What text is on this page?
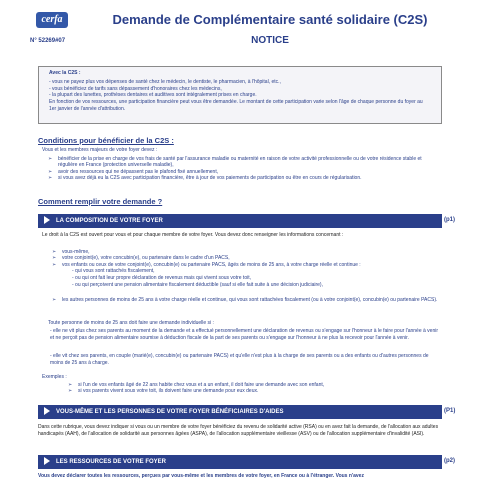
cerfa
N° 52269#07
Demande de Complémentaire santé solidaire (C2S)
NOTICE
Avec la C2S :
- vous ne payez plus vos dépenses de santé chez le médecin, le dentiste, le pharmacien, à l'hôpital, etc.,
- vous bénéficiez de tarifs sans dépassement d'honoraires chez les médecins,
- la plupart des lunettes, prothèses dentaires et auditives sont intégralement prises en charge.
En fonction de vos ressources, une participation financière peut vous être demandée. Le montant de cette participation varie selon l'âge de chaque personne du foyer au 1er janvier de l'année d'attribution.
Conditions pour bénéficier de la C2S :
Vous et les membres majeurs de votre foyer devez :
➢ bénéficier de la prise en charge de vos frais de santé par l'assurance maladie ou maternité en raison de votre activité professionnelle ou de votre résidence stable et régulière en France (protection universelle maladie),
➢ avoir des ressources qui ne dépassent pas le plafond fixé annuellement,
➢ si vous avez déjà eu la C2S avec participation financière, être à jour de vos paiements de participation ou être en cours de régularisation.
Comment remplir votre demande ?
LA COMPOSITION DE VOTRE FOYER	(p1)
Le droit à la C2S est ouvert pour vous et pour chaque membre de votre foyer. Vous devez donc renseigner les informations concernant :
➢ vous-même,
➢ votre conjoint(e), votre concubin(e), ou partenaire dans le cadre d'un PACS,
➢ vos enfants ou ceux de votre conjoint(e), concubin(e) ou partenaire PACS, âgés de moins de 25 ans, à votre charge réelle et continue :
- qui vous sont rattachés fiscalement,
- ou qui ont fait leur propre déclaration de revenus mais qui vivent sous votre toit,
- ou qui perçoivent une pension alimentaire fiscalement déductible (sauf si elle fait suite à une décision judiciaire),
➢ les autres personnes de moins de 25 ans à votre charge réelle et continue, qui vous sont rattachées fiscalement (ou à votre conjoint(e), concubin(e) ou partenaire PACS).
Toute personne de moins de 25 ans doit faire une demande individuelle si :
- elle ne vit plus chez ses parents au moment de la demande et a effectué personnellement une déclaration de revenus ou s'engage sur l'honneur à le faire pour l'année à venir et ne perçoit pas de pension alimentaire soumise à déduction fiscale de la part de ses parents ou s'engage sur l'honneur à ne plus la recevoir pour l'année à venir.
- elle vit chez ses parents, en couple (marié(e), concubin(e) ou partenaire PACS) et qu'elle n'est plus à la charge de ses parents ou a des enfants ou d'autres personnes de moins de 25 ans à charge.
Exemples :
➢ si l'un de vos enfants âgé de 22 ans habite chez vous et a un enfant, il doit faire une demande avec son enfant,
➢ si vos parents vivent sous votre toit, ils doivent faire une demande pour eux deux.
VOUS-MÊME ET LES PERSONNES DE VOTRE FOYER BÉNÉFICIAIRES D'AIDES	(P1)
Dans cette rubrique, vous devez indiquer si vous ou un membre de votre foyer bénéficiez du revenu de solidarité active (RSA) ou en avez fait la demande, de l'allocation aux adultes handicapés (AAH), de l'allocation de solidarité aux personnes âgées (ASPA), de l'allocation supplémentaire vieillesse (ASV) ou de l'allocation supplémentaire d'invalidité (ASI).
LES RESSOURCES DE VOTRE FOYER	(p2)
Vous devez déclarer toutes les ressources, perçues par vous-même et les membres de votre foyer, en France ou à l'étranger. Vous n'avez
